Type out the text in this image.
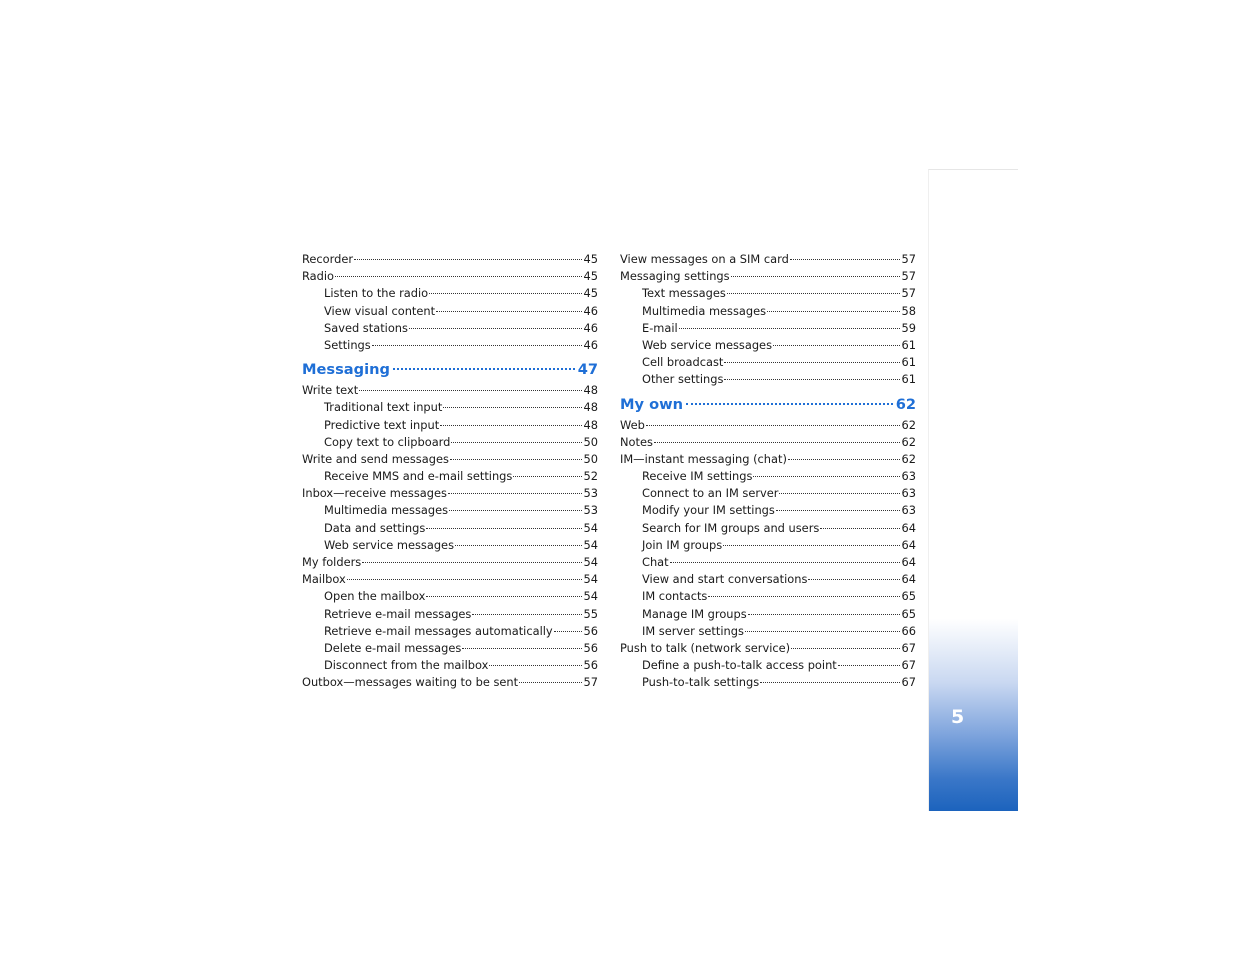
Recorder	45
Radio	45
Listen to the radio	45
View visual content	46
Saved stations	46
Settings	46
Messaging	47
Write text	48
Traditional text input	48
Predictive text input	48
Copy text to clipboard	50
Write and send messages	50
Receive MMS and e-mail settings	52
Inbox—receive messages	53
Multimedia messages	53
Data and settings	54
Web service messages	54
My folders	54
Mailbox	54
Open the mailbox	54
Retrieve e-mail messages	55
Retrieve e-mail messages automatically	56
Delete e-mail messages	56
Disconnect from the mailbox	56
Outbox—messages waiting to be sent	57
View messages on a SIM card	57
Messaging settings	57
Text messages	57
Multimedia messages	58
E-mail	59
Web service messages	61
Cell broadcast	61
Other settings	61
My own	62
Web	62
Notes	62
IM—instant messaging (chat)	62
Receive IM settings	63
Connect to an IM server	63
Modify your IM settings	63
Search for IM groups and users	64
Join IM groups	64
Chat	64
View and start conversations	64
IM contacts	65
Manage IM groups	65
IM server settings	66
Push to talk (network service)	67
Define a push-to-talk access point	67
Push-to-talk settings	67
5
